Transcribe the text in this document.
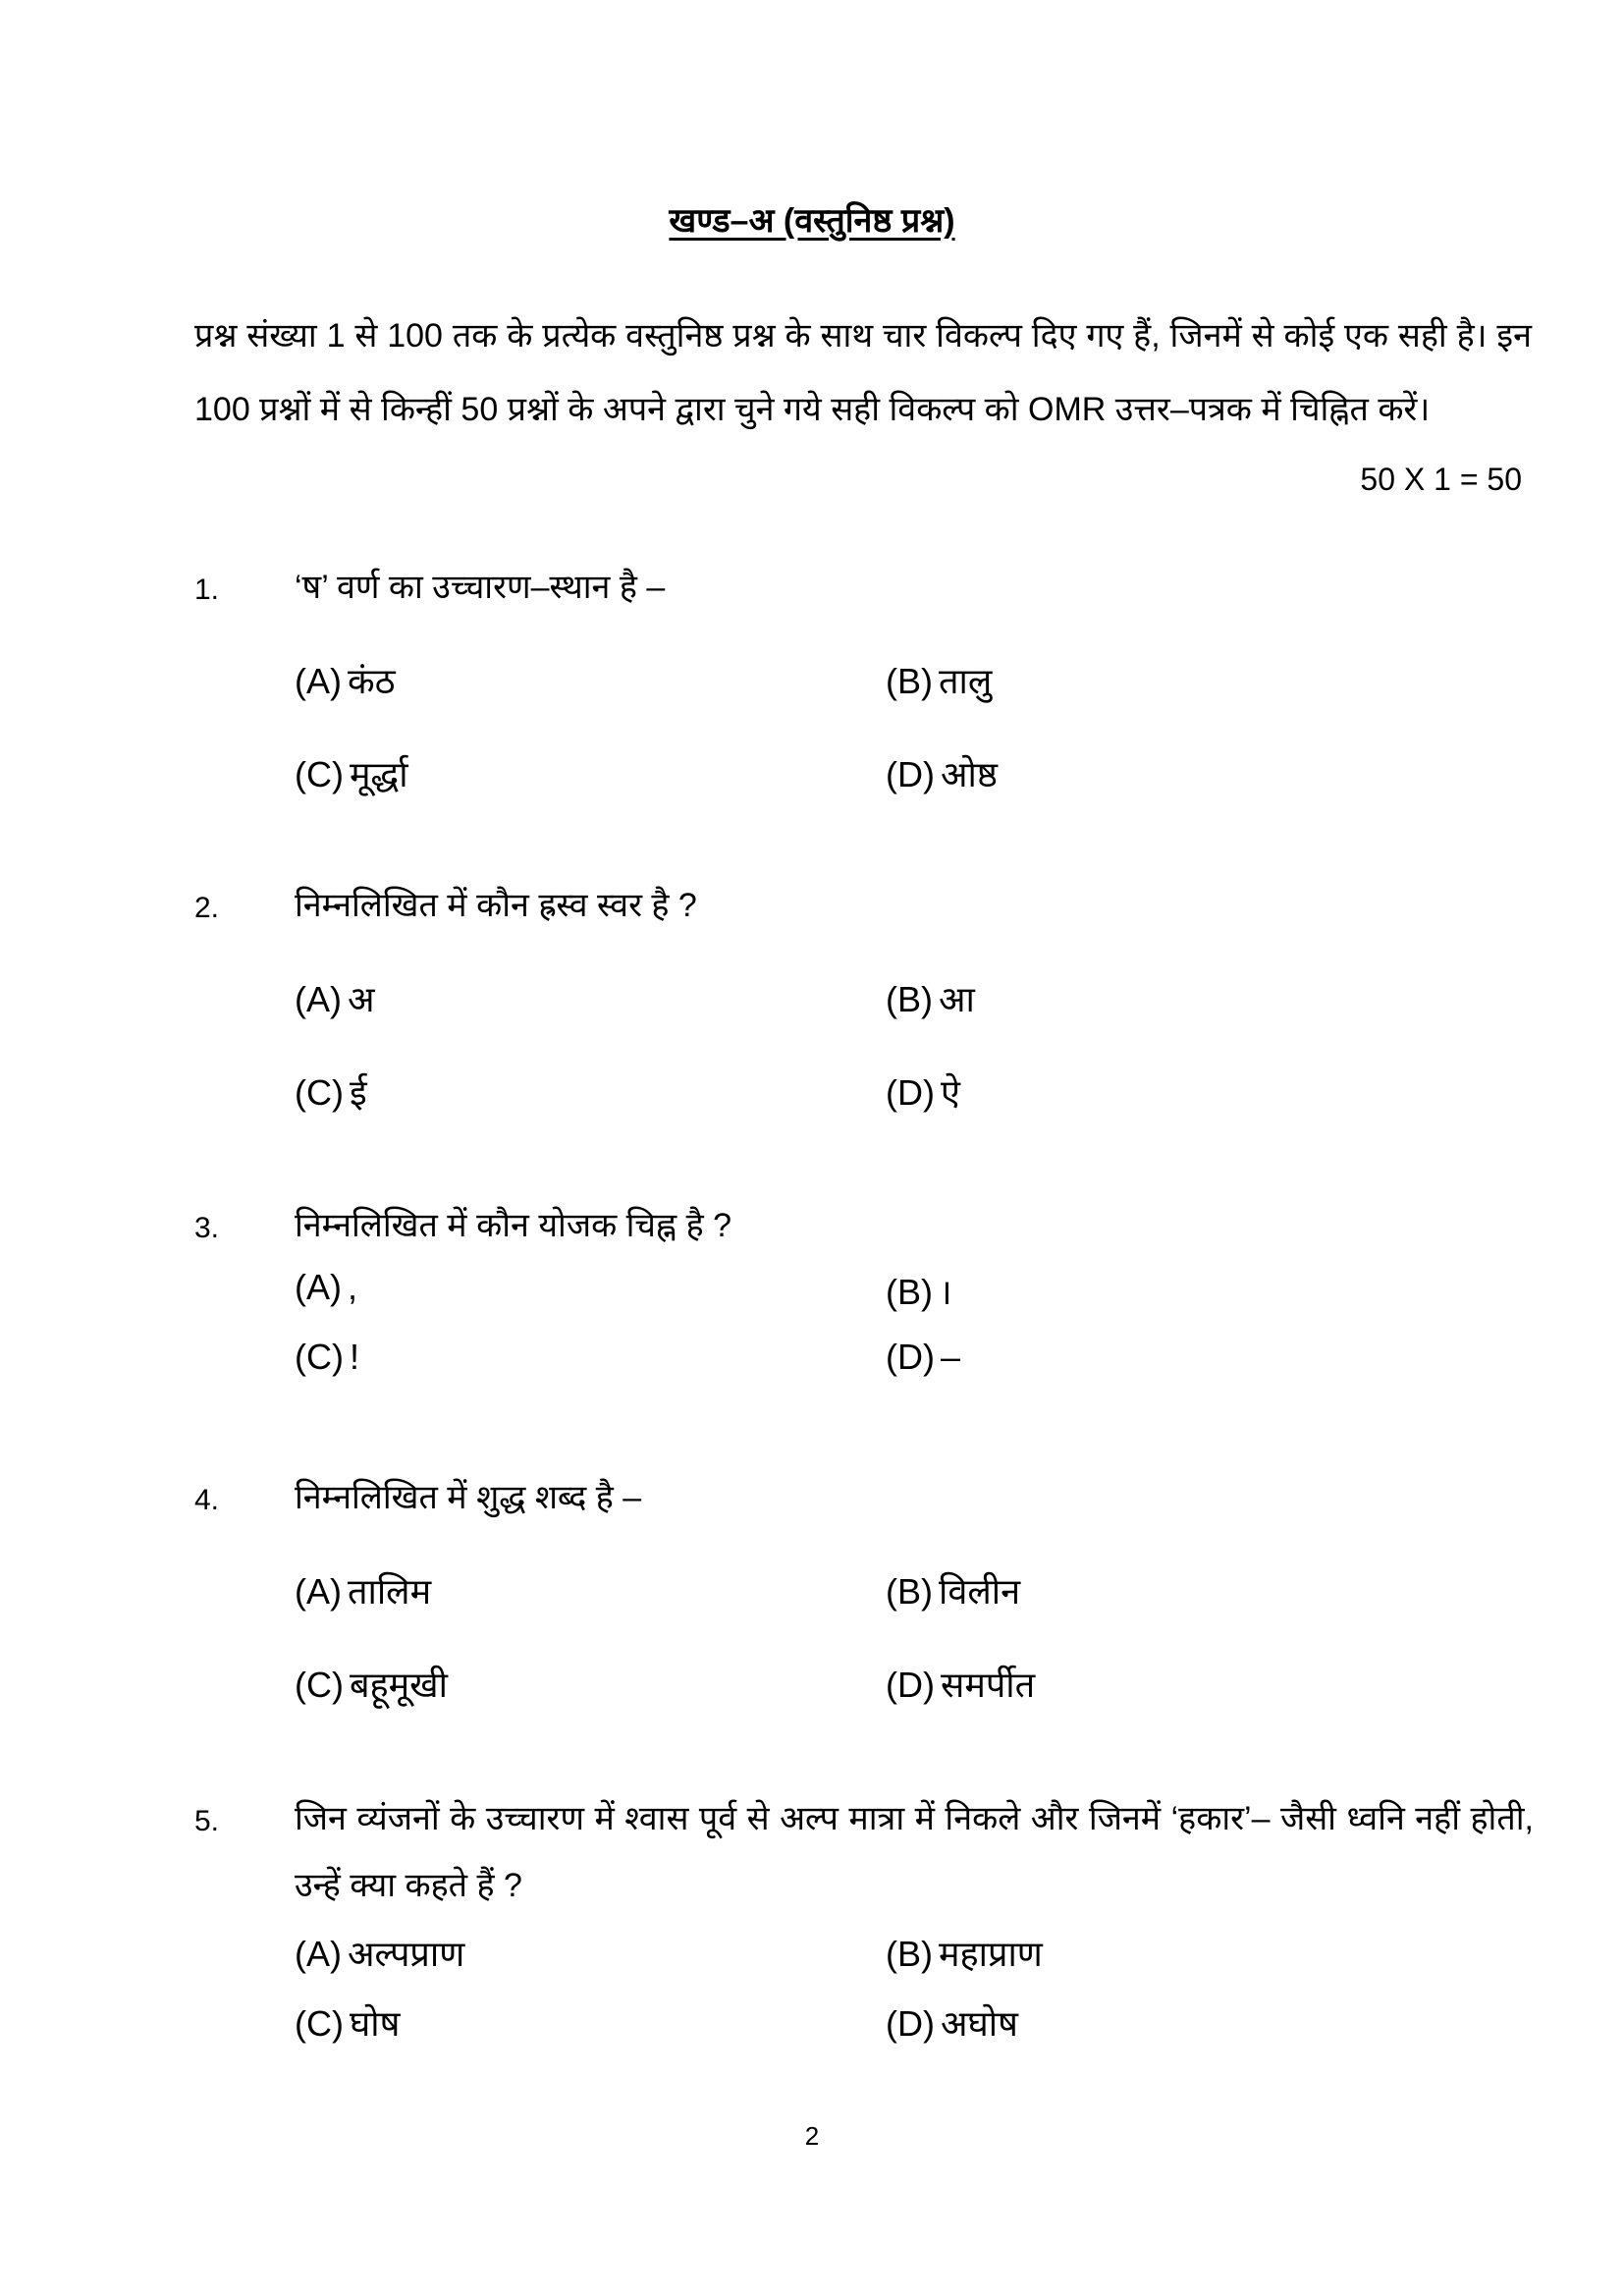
खण्ड–अ (वस्तुनिष्ठ प्रश्न)
प्रश्न संख्या 1 से 100 तक के प्रत्येक वस्तुनिष्ठ प्रश्न के साथ चार विकल्प दिए गए हैं, जिनमें से कोई एक सही है। इन 100 प्रश्नों में से किन्हीं 50 प्रश्नों के अपने द्वारा चुने गये सही विकल्प को OMR उत्तर–पत्रक में चिह्नित करें।
50 X 1 = 50
1. ‘ष’ वर्ण का उच्चारण–स्थान है –
(A) कंठ	(B) तालु
(C) मूर्द्धा	(D) ओष्ठ
2. निम्नलिखित में कौन ह्रस्व स्वर है ?
(A) अ	(B) आ
(C) ई	(D) ऐ
3. निम्नलिखित में कौन योजक चिह्न है ?
(A) ,	(B) ।
(C) !	(D) –
4. निम्नलिखित में शुद्ध शब्द है –
(A) तालिम	(B) विलीन
(C) बहूमूखी	(D) समर्पीत
5. जिन व्यंजनों के उच्चारण में श्वास पूर्व से अल्प मात्रा में निकले और जिनमें ‘हकार’– जैसी ध्वनि नहीं होती, उन्हें क्या कहते हैं ?
(A) अल्पप्राण	(B) महाप्राण
(C) घोष	(D) अघोष
2
